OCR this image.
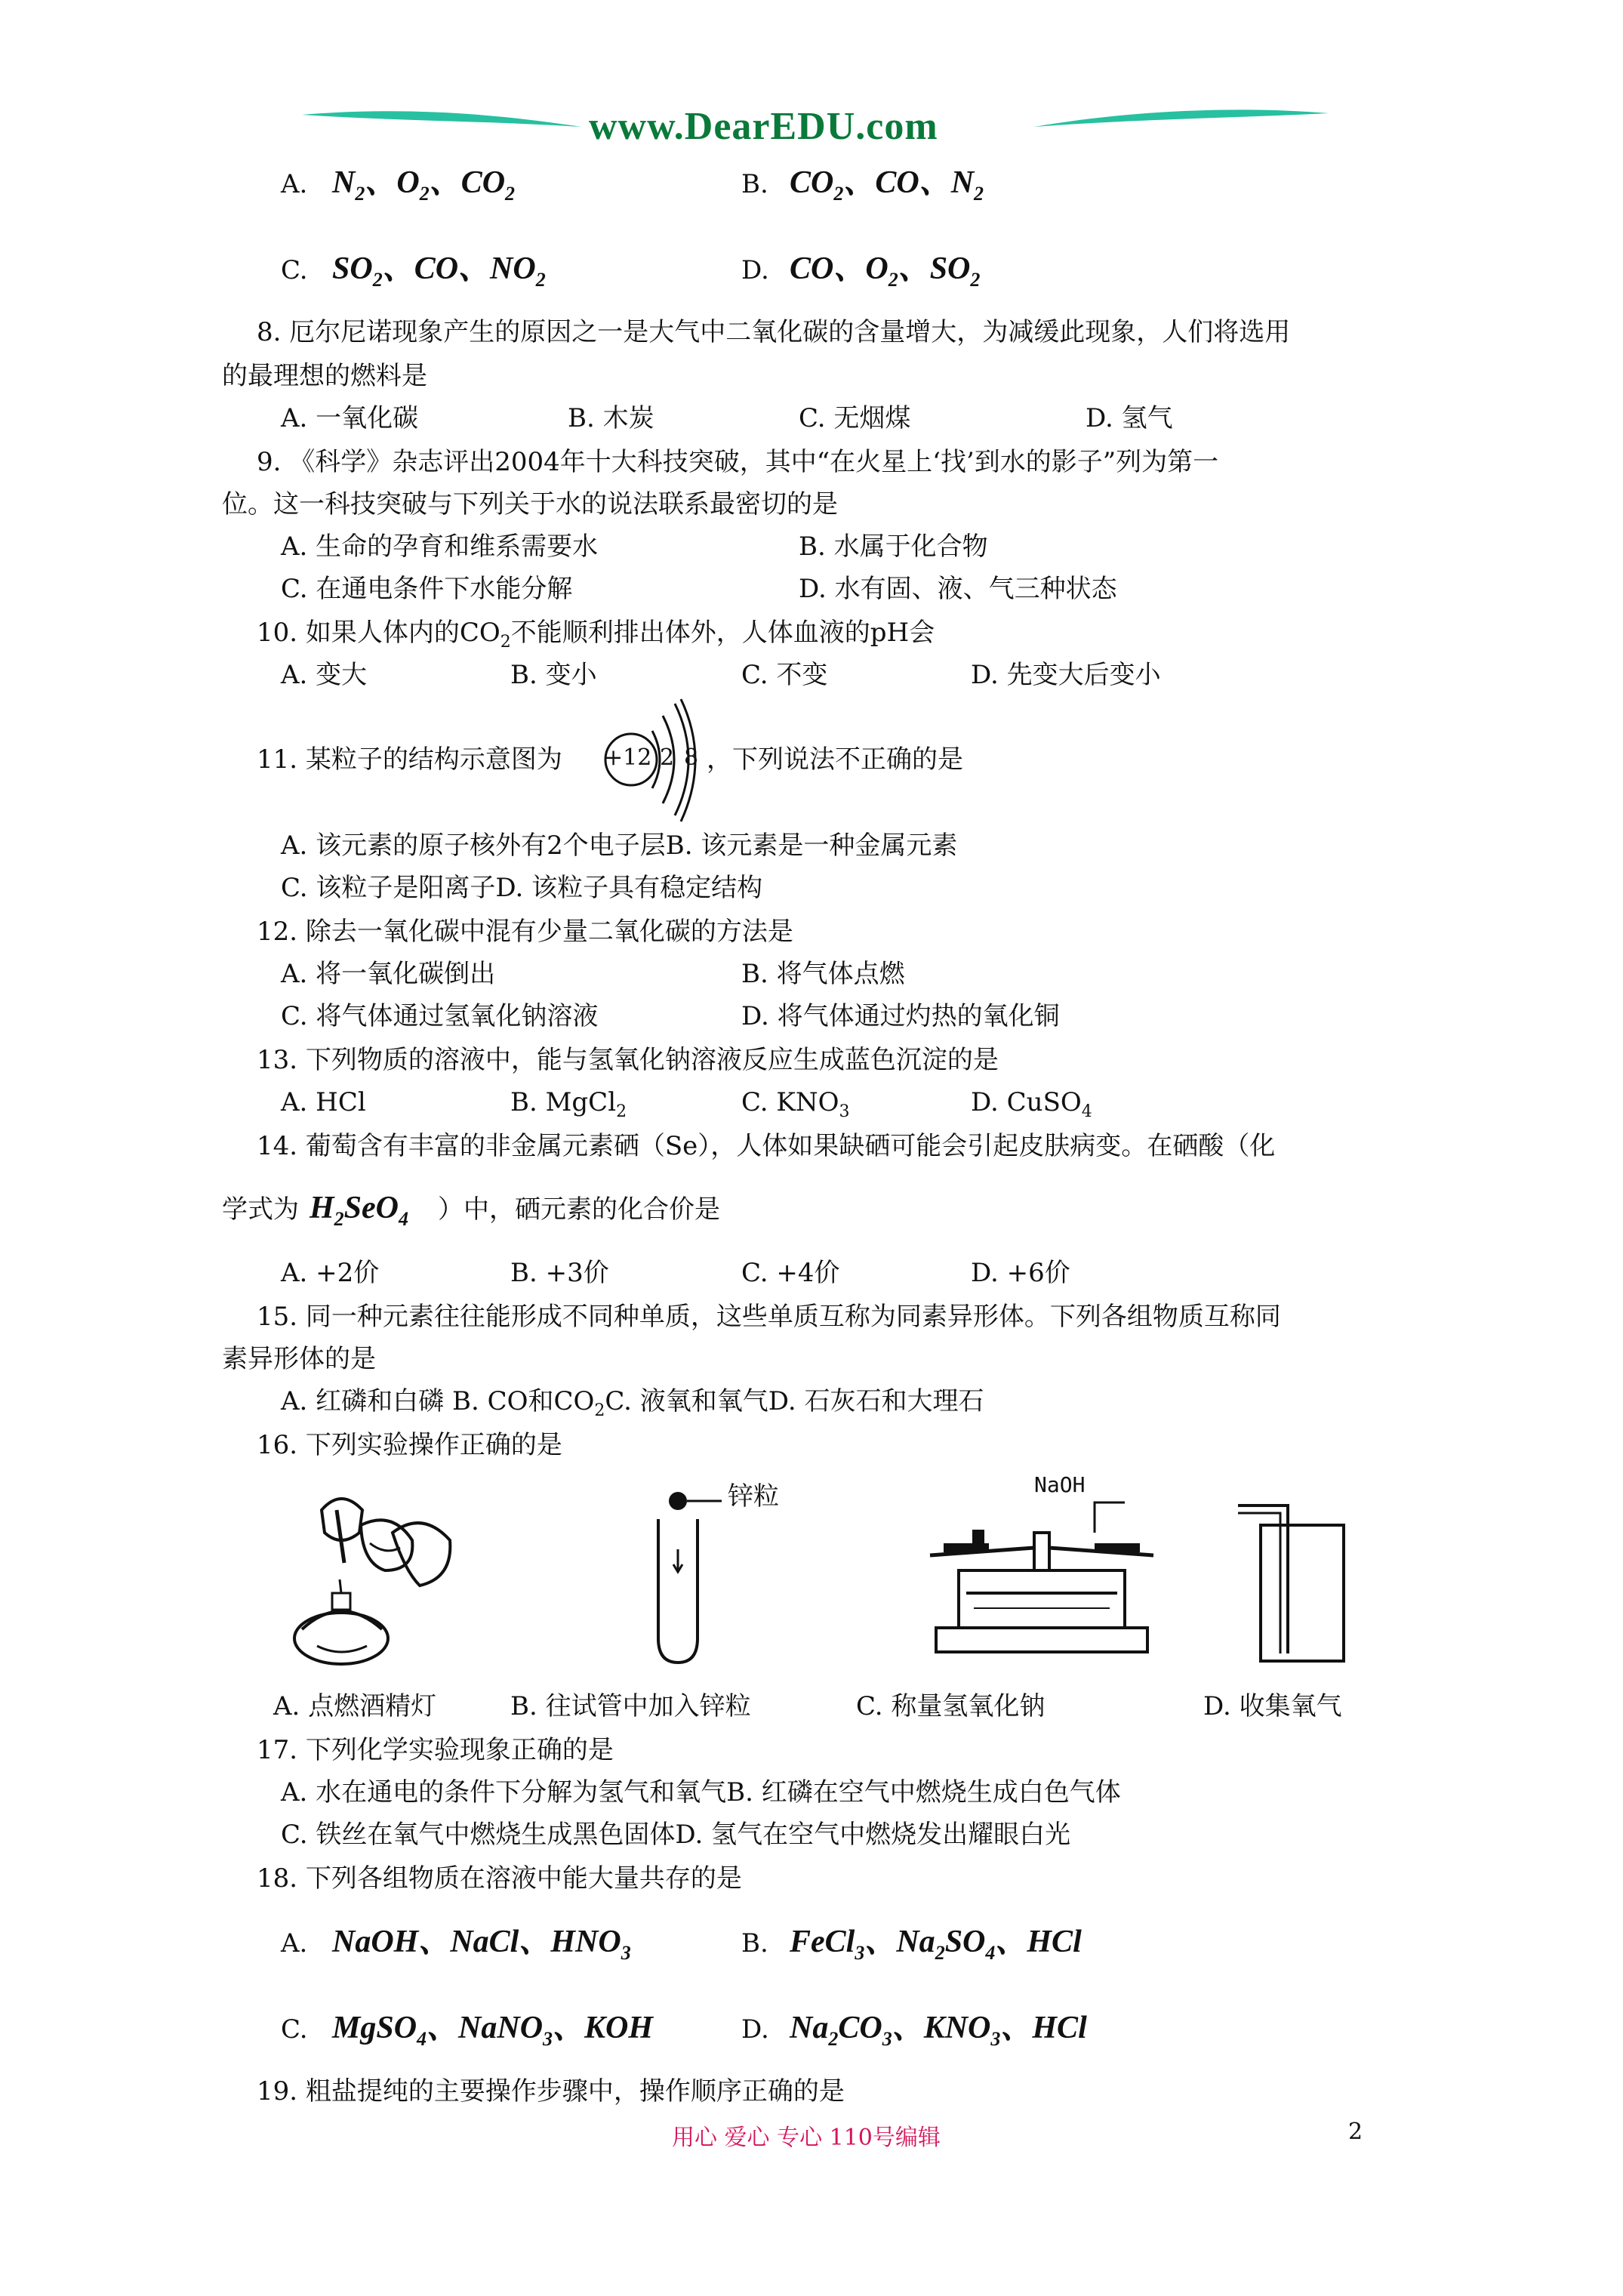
www.DearEDU.com
A. $N_2$、$O_2$、$CO_2$	B. $CO_2$、CO、$N_2$
C. $SO_2$、CO、$NO_2$	D. CO、$O_2$、$SO_2$
8. 厄尔尼诺现象产生的原因之一是大气中二氧化碳的含量增大，为减缓此现象，人们将选用
的最理想的燃料是
A. 一氧化碳	B. 木炭	C. 无烟煤	D. 氢气
9. 《科学》杂志评出2004年十大科技突破，其中“在火星上‘找’到水的影子”列为第一
位。这一科技突破与下列关于水的说法联系最密切的是
A. 生命的孕育和维系需要水	B. 水属于化合物
C. 在通电条件下水能分解	D. 水有固、液、气三种状态
10. 如果人体内的$CO_2$不能顺利排出体外，人体血液的pH会
A. 变大	B. 变小	C. 不变	D. 先变大后变小
11. 某粒子的结构示意图为 +12 2 8 ，下列说法不正确的是
A. 该元素的原子核外有2个电子层B. 该元素是一种金属元素
C. 该粒子是阳离子D. 该粒子具有稳定结构
12. 除去一氧化碳中混有少量二氧化碳的方法是
A. 将一氧化碳倒出	B. 将气体点燃
C. 将气体通过氢氧化钠溶液	D. 将气体通过灼热的氧化铜
13. 下列物质的溶液中，能与氢氧化钠溶液反应生成蓝色沉淀的是
A. HCl	B. MgCl$_2$	C. $KNO_3$	D. CuSO$_4$
14. 葡萄含有丰富的非金属元素硒（Se），人体如果缺硒可能会引起皮肤病变。在硒酸（化
学式为 $H_2SeO_4$ ）中，硒元素的化合价是
A. +2价	B. +3价	C. +4价	D. +6价
15. 同一种元素往往能形成不同种单质，这些单质互称为同素异形体。下列各组物质互称同
素异形体的是
A. 红磷和白磷 B. CO和$CO_2C$. 液氧和氧气D. 石灰石和大理石
16. 下列实验操作正确的是
锌粒	NaOH
A. 点燃酒精灯	B. 往试管中加入锌粒	C. 称量氢氧化钠	D. 收集氧气
17. 下列化学实验现象正确的是
A. 水在通电的条件下分解为氢气和氧气B. 红磷在空气中燃烧生成白色气体
C. 铁丝在氧气中燃烧生成黑色固体D. 氢气在空气中燃烧发出耀眼白光
18. 下列各组物质在溶液中能大量共存的是
A. NaOH、NaCl、$HNO_3$	B. FeCl$_3$、$Na_2SO_4$、HCl
C. MgSO$_4$、NaNO$_3$、KOH	D. $Na_2CO_3$、$KNO_3$、HCl
19. 粗盐提纯的主要操作步骤中，操作顺序正确的是
用心 爱心 专心 110号编辑	2
